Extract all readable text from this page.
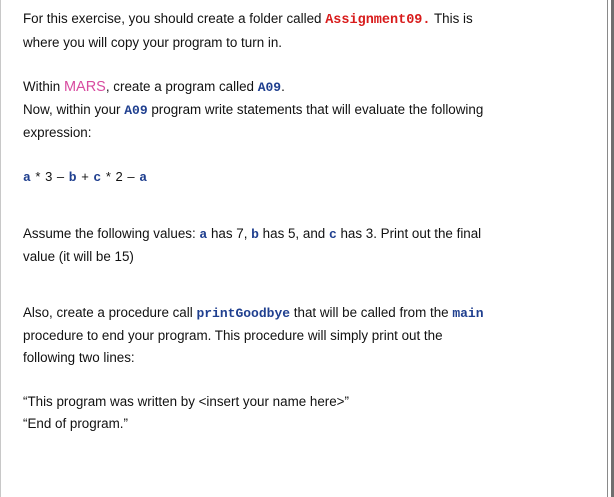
For this exercise, you should create a folder called Assignment09. This is
where you will copy your program to turn in.

Within MARS, create a program called A09.
Now, within your A09 program write statements that will evaluate the following
expression:

a * 3 – b + c * 2 – a

Assume the following values: a has 7, b has 5, and c has 3. Print out the final
value (it will be 15)

Also, create a procedure call printGoodbye that will be called from the main
procedure to end your program. This procedure will simply print out the
following two lines:

“This program was written by <insert your name here>”
“End of program.”
